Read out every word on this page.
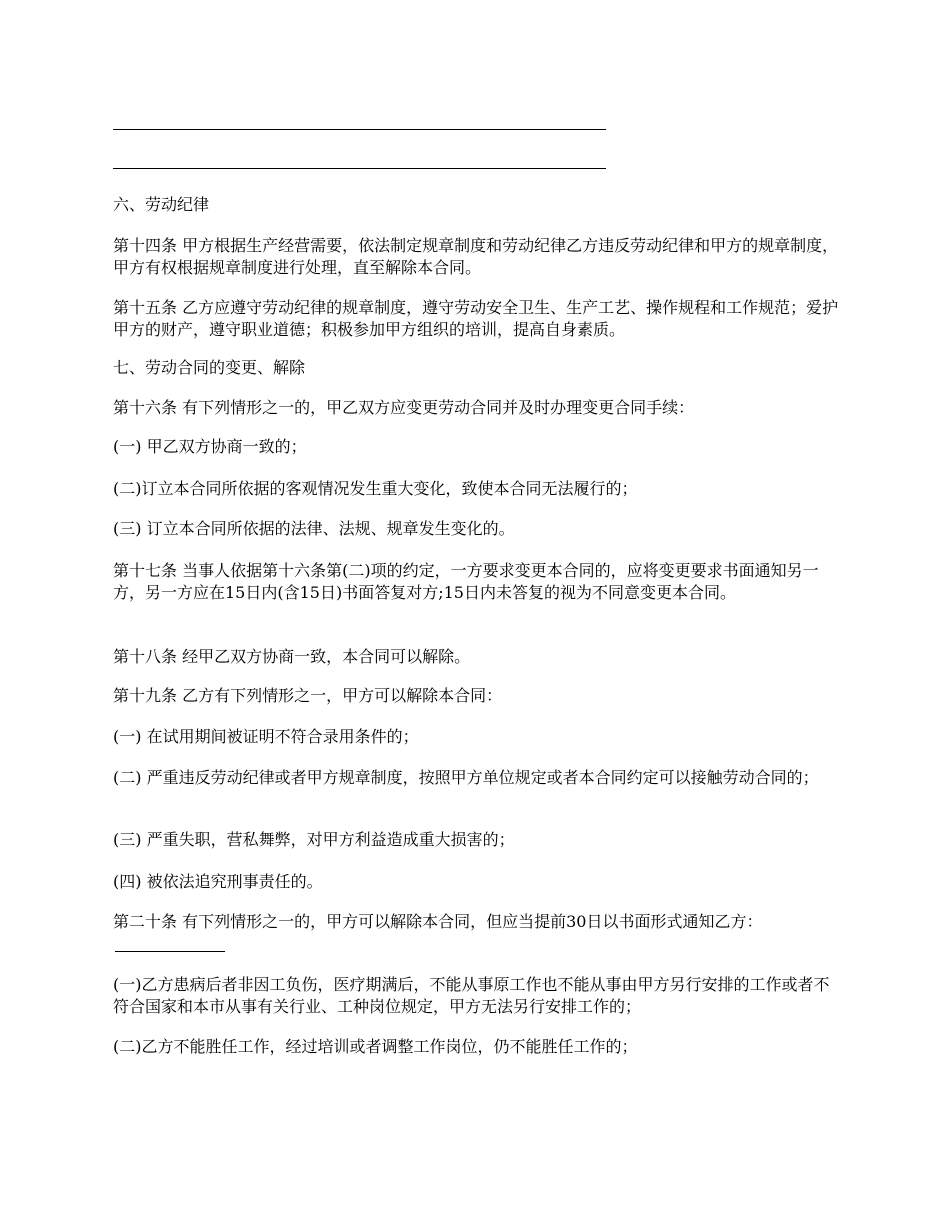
六、劳动纪律

第十四条 甲方根据生产经营需要，依法制定规章制度和劳动纪律乙方违反劳动纪律和甲方的规章制度，甲方有权根据规章制度进行处理，直至解除本合同。

第十五条 乙方应遵守劳动纪律的规章制度，遵守劳动安全卫生、生产工艺、操作规程和工作规范；爱护甲方的财产，遵守职业道德；积极参加甲方组织的培训，提高自身素质。

七、劳动合同的变更、解除

第十六条 有下列情形之一的，甲乙双方应变更劳动合同并及时办理变更合同手续：

(一) 甲乙双方协商一致的；

(二)订立本合同所依据的客观情况发生重大变化，致使本合同无法履行的；

(三) 订立本合同所依据的法律、法规、规章发生变化的。

第十七条 当事人依据第十六条第(二)项的约定，一方要求变更本合同的，应将变更要求书面通知另一方，另一方应在15日内(含15日)书面答复对方;15日内未答复的视为不同意变更本合同。

第十八条 经甲乙双方协商一致，本合同可以解除。

第十九条 乙方有下列情形之一，甲方可以解除本合同：

(一) 在试用期间被证明不符合录用条件的；

(二) 严重违反劳动纪律或者甲方规章制度，按照甲方单位规定或者本合同约定可以接触劳动合同的；

(三) 严重失职，营私舞弊，对甲方利益造成重大损害的；

(四) 被依法追究刑事责任的。

第二十条 有下列情形之一的，甲方可以解除本合同，但应当提前30日以书面形式通知乙方：

(一)乙方患病后者非因工负伤，医疗期满后，不能从事原工作也不能从事由甲方另行安排的工作或者不符合国家和本市从事有关行业、工种岗位规定，甲方无法另行安排工作的；

(二)乙方不能胜任工作，经过培训或者调整工作岗位，仍不能胜任工作的；
